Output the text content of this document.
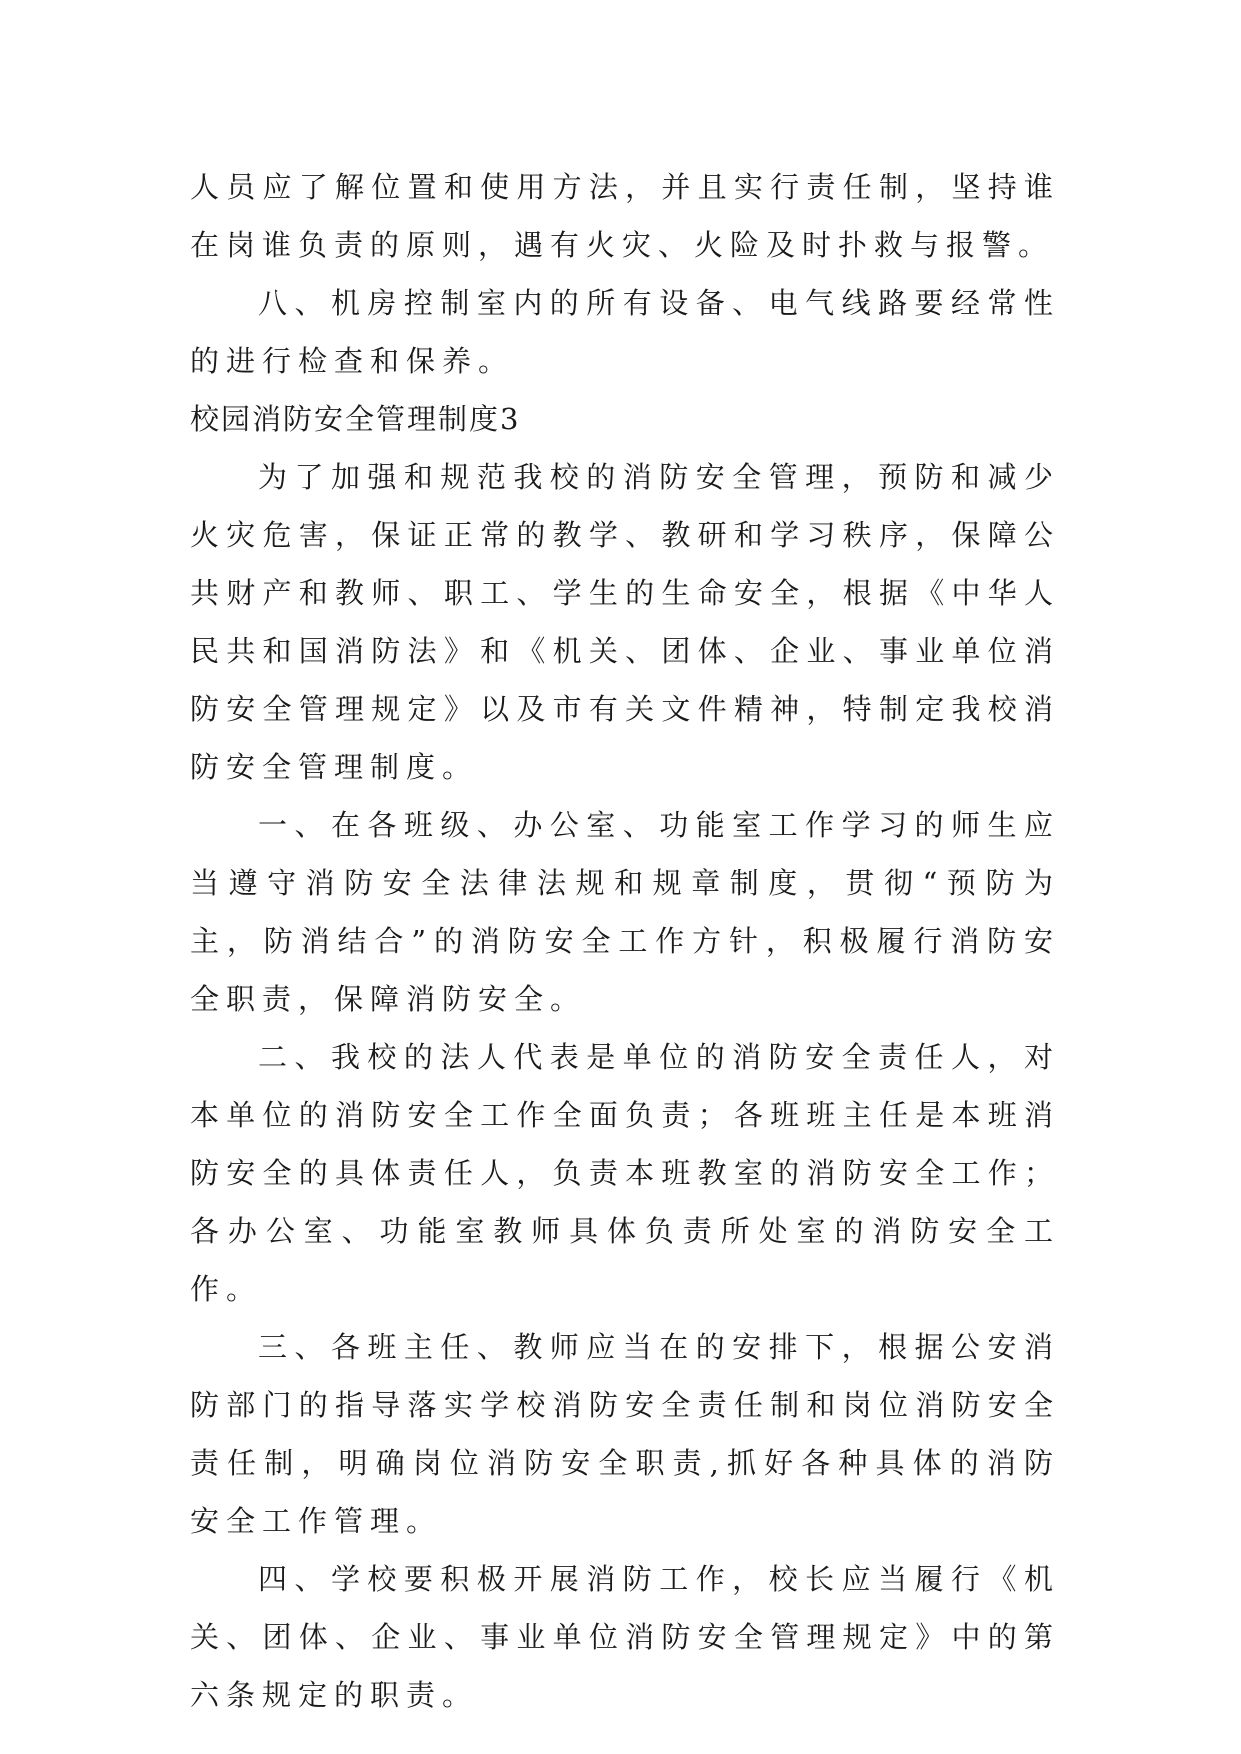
人员应了解位置和使用方法，并且实行责任制，坚持谁在岗谁负责的原则，遇有火灾、火险及时扑救与报警。

八、机房控制室内的所有设备、电气线路要经常性的进行检查和保养。

校园消防安全管理制度3

为了加强和规范我校的消防安全管理，预防和减少火灾危害，保证正常的教学、教研和学习秩序，保障公共财产和教师、职工、学生的生命安全，根据《中华人民共和国消防法》和《机关、团体、企业、事业单位消防安全管理规定》以及市有关文件精神，特制定我校消防安全管理制度。

一、在各班级、办公室、功能室工作学习的师生应当遵守消防安全法律法规和规章制度，贯彻“预防为主，防消结合”的消防安全工作方针，积极履行消防安全职责，保障消防安全。

二、我校的法人代表是单位的消防安全责任人，对本单位的消防安全工作全面负责；各班班主任是本班消防安全的具体责任人，负责本班教室的消防安全工作；各办公室、功能室教师具体负责所处室的消防安全工作。

三、各班主任、教师应当在的安排下，根据公安消防部门的指导落实学校消防安全责任制和岗位消防安全责任制，明确岗位消防安全职责,抓好各种具体的消防安全工作管理。

四、学校要积极开展消防工作，校长应当履行《机关、团体、企业、事业单位消防安全管理规定》中的第六条规定的职责。
